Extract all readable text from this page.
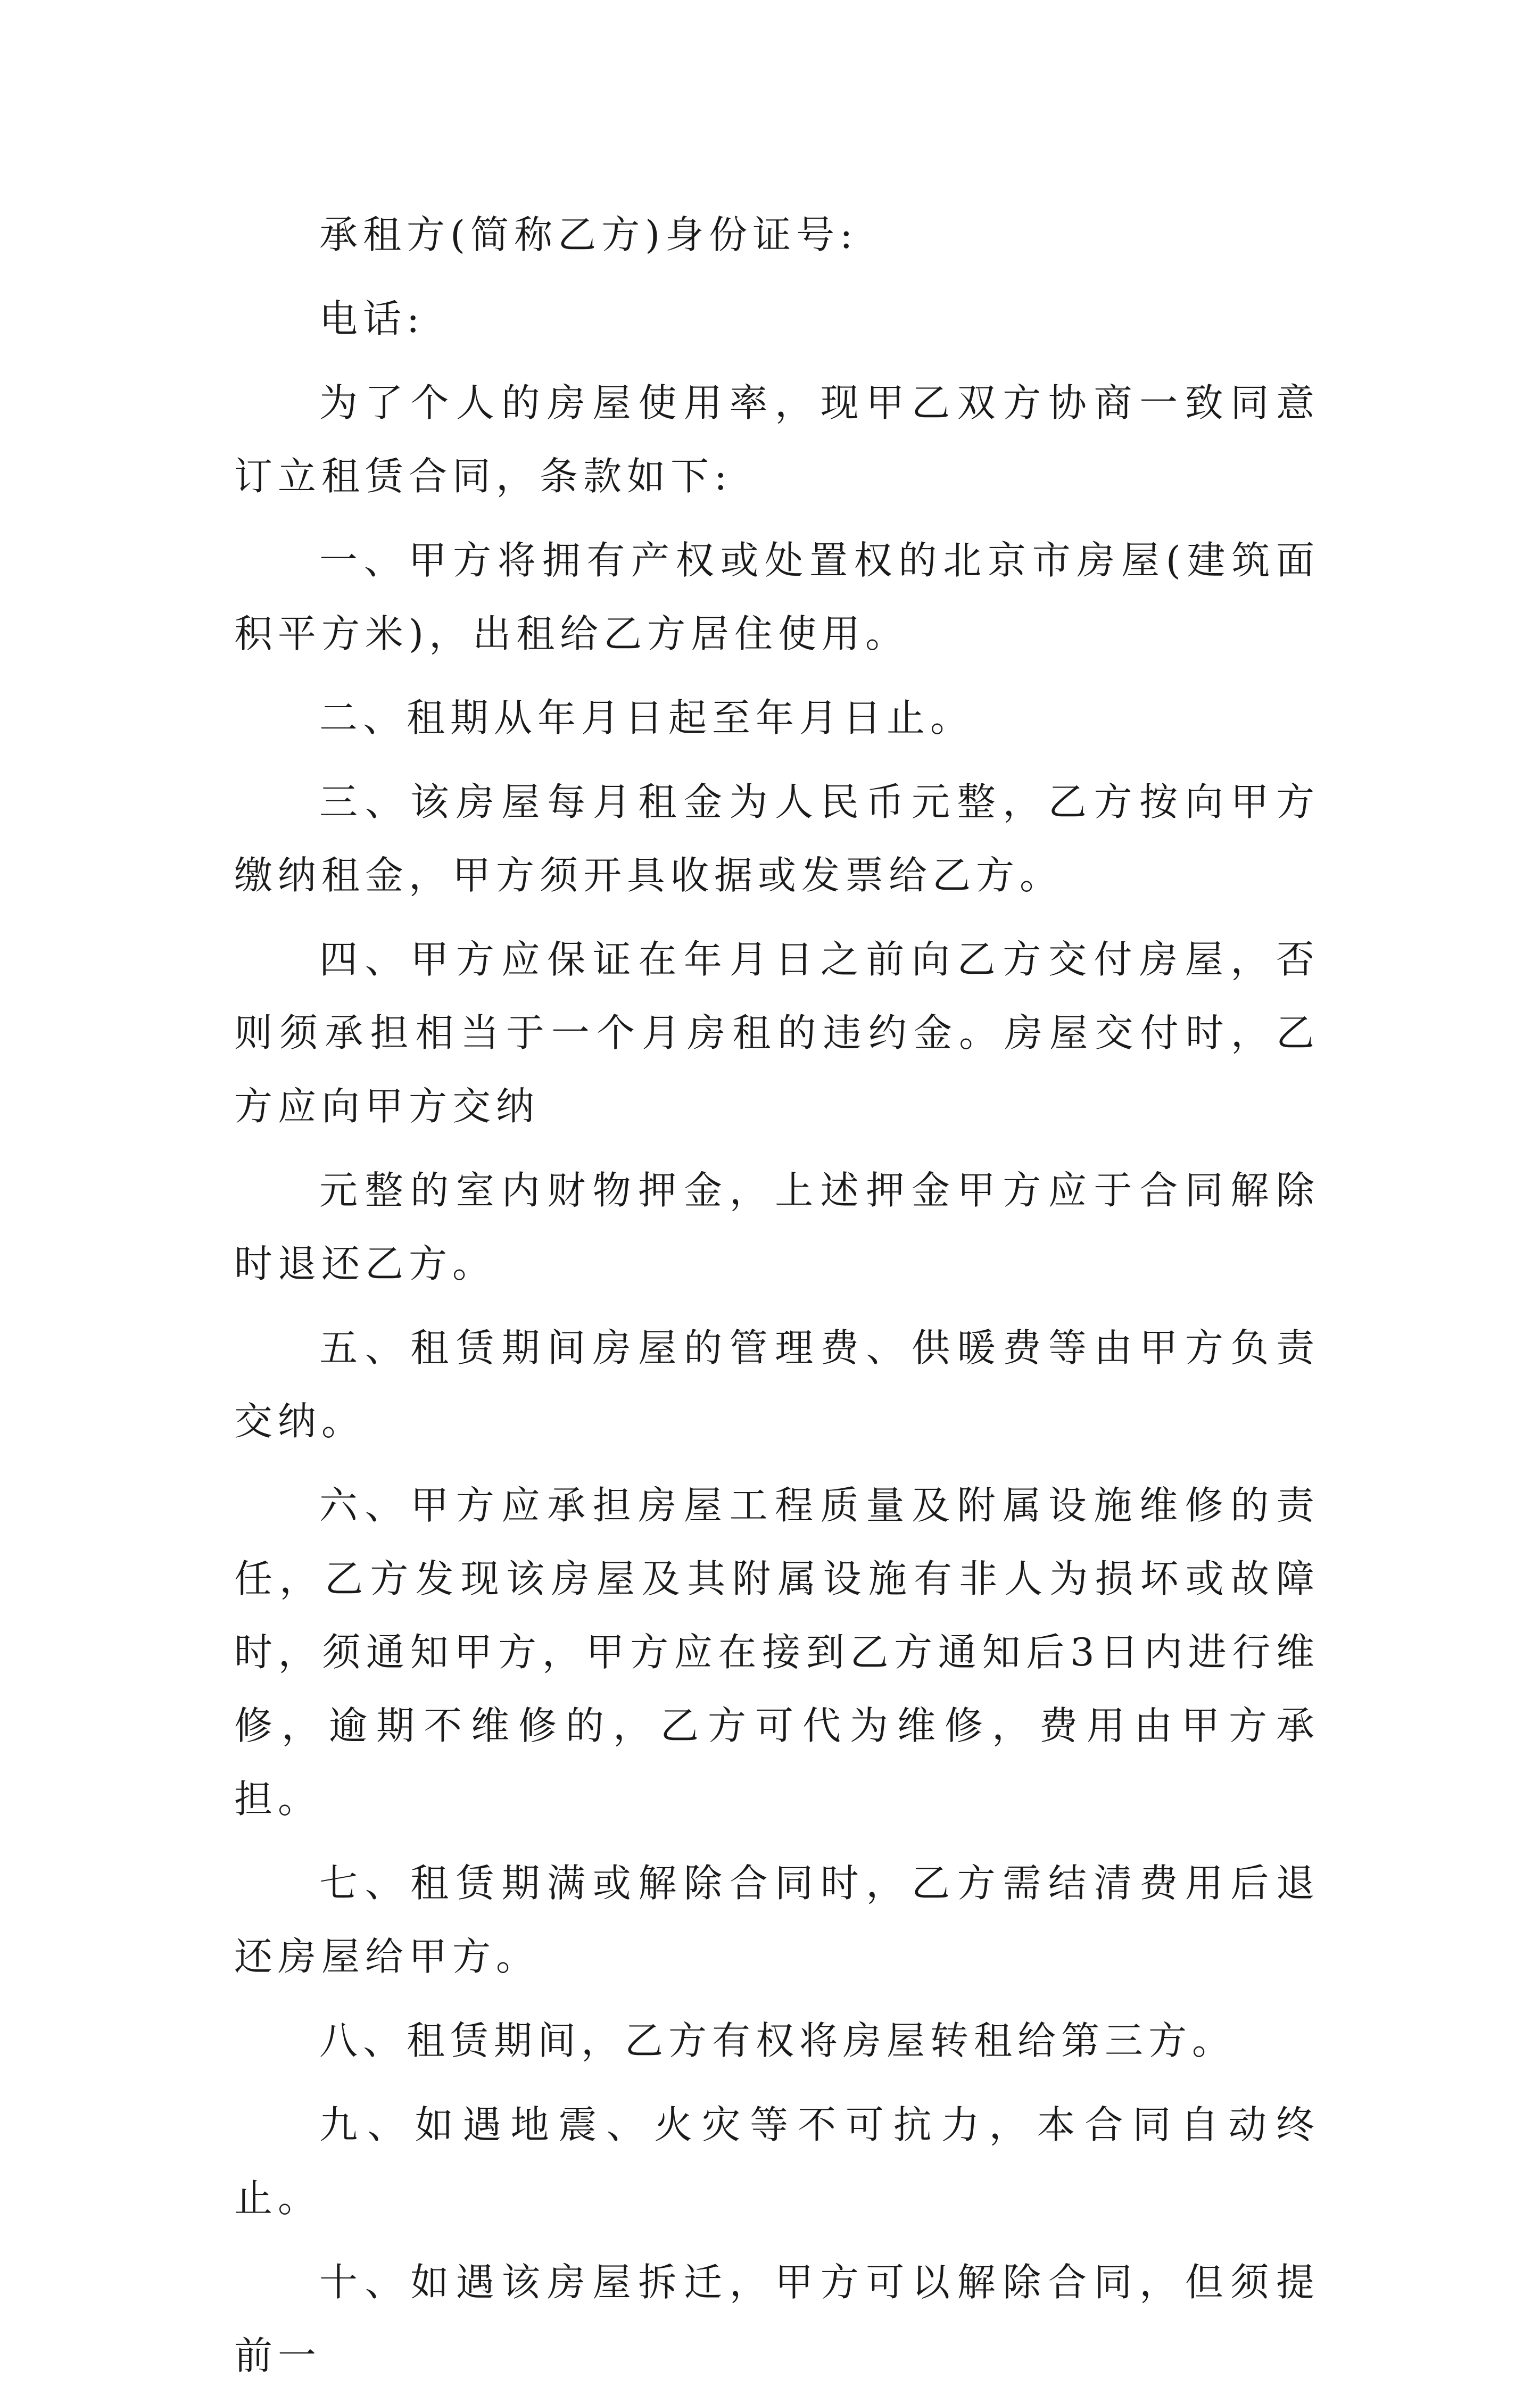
承租方(简称乙方)身份证号:

电话:

为了个人的房屋使用率，现甲乙双方协商一致同意订立租赁合同，条款如下:

一、甲方将拥有产权或处置权的北京市房屋(建筑面积平方米)，出租给乙方居住使用。

二、租期从年月日起至年月日止。

三、该房屋每月租金为人民币元整，乙方按向甲方缴纳租金，甲方须开具收据或发票给乙方。

四、甲方应保证在年月日之前向乙方交付房屋，否则须承担相当于一个月房租的违约金。房屋交付时，乙方应向甲方交纳

元整的室内财物押金，上述押金甲方应于合同解除时退还乙方。

五、租赁期间房屋的管理费、供暖费等由甲方负责交纳。

六、甲方应承担房屋工程质量及附属设施维修的责任，乙方发现该房屋及其附属设施有非人为损坏或故障时，须通知甲方，甲方应在接到乙方通知后3日内进行维修，逾期不维修的，乙方可代为维修，费用由甲方承担。

七、租赁期满或解除合同时，乙方需结清费用后退还房屋给甲方。

八、租赁期间，乙方有权将房屋转租给第三方。

九、如遇地震、火灾等不可抗力，本合同自动终止。

十、如遇该房屋拆迁，甲方可以解除合同，但须提前一
